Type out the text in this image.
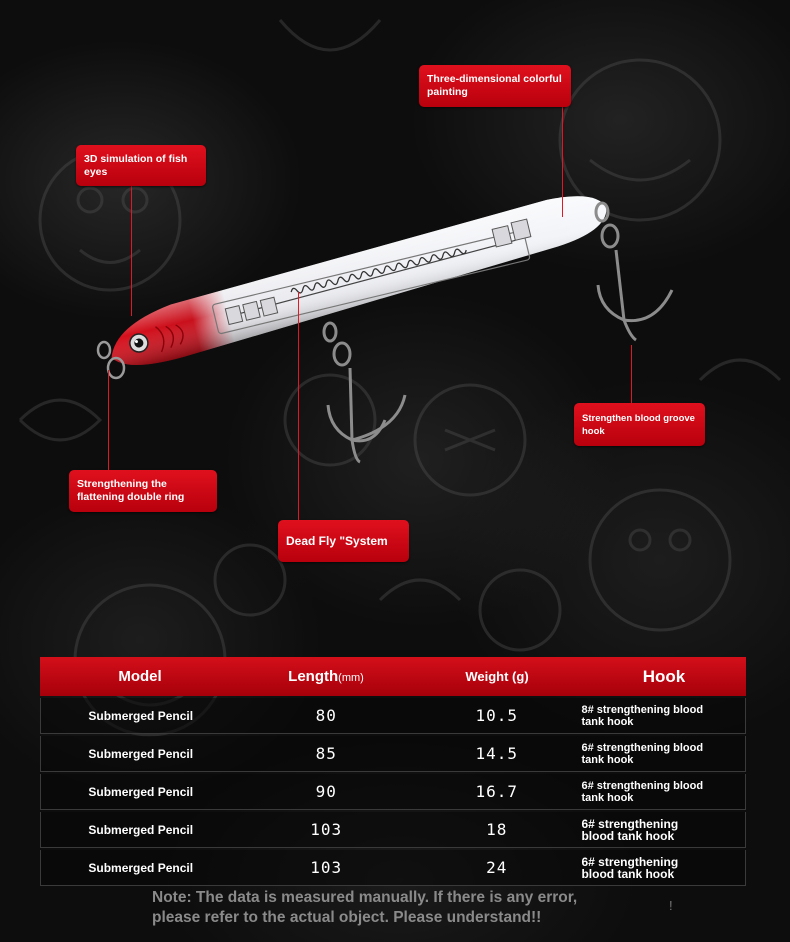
Three-dimensional colorful painting
3D simulation of fish eyes
Strengthening the flattening double ring
Dead Fly "System
Strengthen blood groove hook
Model	Length(mm)	Weight (g)	Hook
Submerged Pencil	80	10.5	8# strengthening blood
tank hook
Submerged Pencil	85	14.5	6# strengthening blood
tank hook
Submerged Pencil	90	16.7	6# strengthening blood
tank hook
Submerged Pencil	103	18	6# strengthening
blood tank hook
Submerged Pencil	103	24	6# strengthening
blood tank hook
Note: The data is measured manually. If there is any error,
please refer to the actual object. Please understand!!
!
